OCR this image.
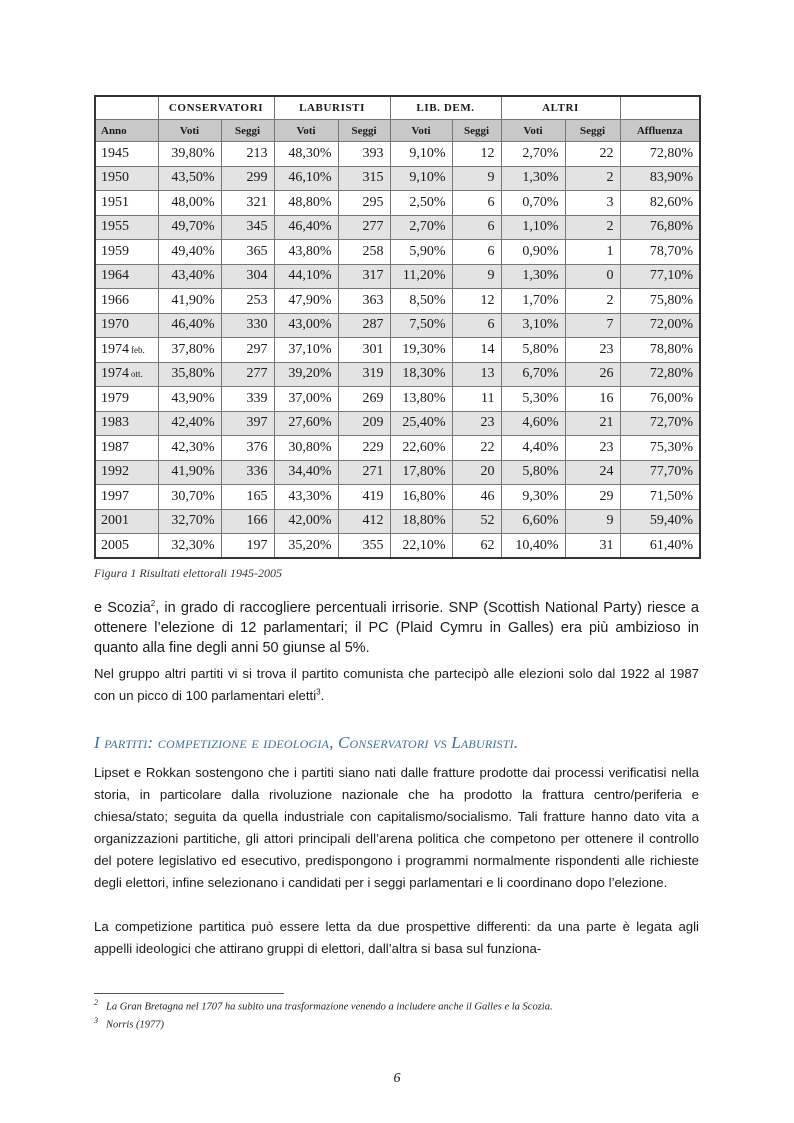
	CONSERVATORI		LABURISTI		LIB. DEM.		ALTRI		
Anno	Voti	Seggi	Voti	Seggi	Voti	Seggi	Voti	Seggi	Affluenza
1945	39,80%	213	48,30%	393	9,10%	12	2,70%	22	72,80%
1950	43,50%	299	46,10%	315	9,10%	9	1,30%	2	83,90%
1951	48,00%	321	48,80%	295	2,50%	6	0,70%	3	82,60%
1955	49,70%	345	46,40%	277	2,70%	6	1,10%	2	76,80%
1959	49,40%	365	43,80%	258	5,90%	6	0,90%	1	78,70%
1964	43,40%	304	44,10%	317	11,20%	9	1,30%	0	77,10%
1966	41,90%	253	47,90%	363	8,50%	12	1,70%	2	75,80%
1970	46,40%	330	43,00%	287	7,50%	6	3,10%	7	72,00%
1974 feb.	37,80%	297	37,10%	301	19,30%	14	5,80%	23	78,80%
1974 ott.	35,80%	277	39,20%	319	18,30%	13	6,70%	26	72,80%
1979	43,90%	339	37,00%	269	13,80%	11	5,30%	16	76,00%
1983	42,40%	397	27,60%	209	25,40%	23	4,60%	21	72,70%
1987	42,30%	376	30,80%	229	22,60%	22	4,40%	23	75,30%
1992	41,90%	336	34,40%	271	17,80%	20	5,80%	24	77,70%
1997	30,70%	165	43,30%	419	16,80%	46	9,30%	29	71,50%
2001	32,70%	166	42,00%	412	18,80%	52	6,60%	9	59,40%
2005	32,30%	197	35,20%	355	22,10%	62	10,40%	31	61,40%
Figura 1 Risultati elettorali 1945-2005

e Scozia$^2$, in grado di raccogliere percentuali irrisorie. SNP (Scottish National Party) riesce a ottenere l’elezione di 12 parlamentari; il PC (Plaid Cymru in Galles) era più ambizioso in quanto alla fine degli anni 50 giunse al 5%.

Nel gruppo altri partiti vi si trova il partito comunista che partecipò alle elezioni solo dal 1922 al 1987 con un picco di 100 parlamentari eletti$^3$.

I partiti: competizione e ideologia, Conservatori vs Laburisti.

Lipset e Rokkan sostengono che i partiti siano nati dalle fratture prodotte dai processi verificatisi nella storia, in particolare dalla rivoluzione nazionale che ha prodotto la frattura centro/periferia e chiesa/stato; seguita da quella industriale con capitalismo/socialismo. Tali fratture hanno dato vita a organizzazioni partitiche, gli attori principali dell’arena politica che competono per ottenere il controllo del potere legislativo ed esecutivo, predispongono i programmi normalmente rispondenti alle richieste degli elettori, infine selezionano i candidati per i seggi parlamentari e li coordinano dopo l’elezione.

La competizione partitica può essere letta da due prospettive differenti: da una parte è legata agli appelli ideologici che attirano gruppi di elettori, dall’altra si basa sul funziona-

$^2$ La Gran Bretagna nel 1707 ha subito una trasformazione venendo a includere anche il Galles e la Scozia.
$^3$ Norris (1977)
6
